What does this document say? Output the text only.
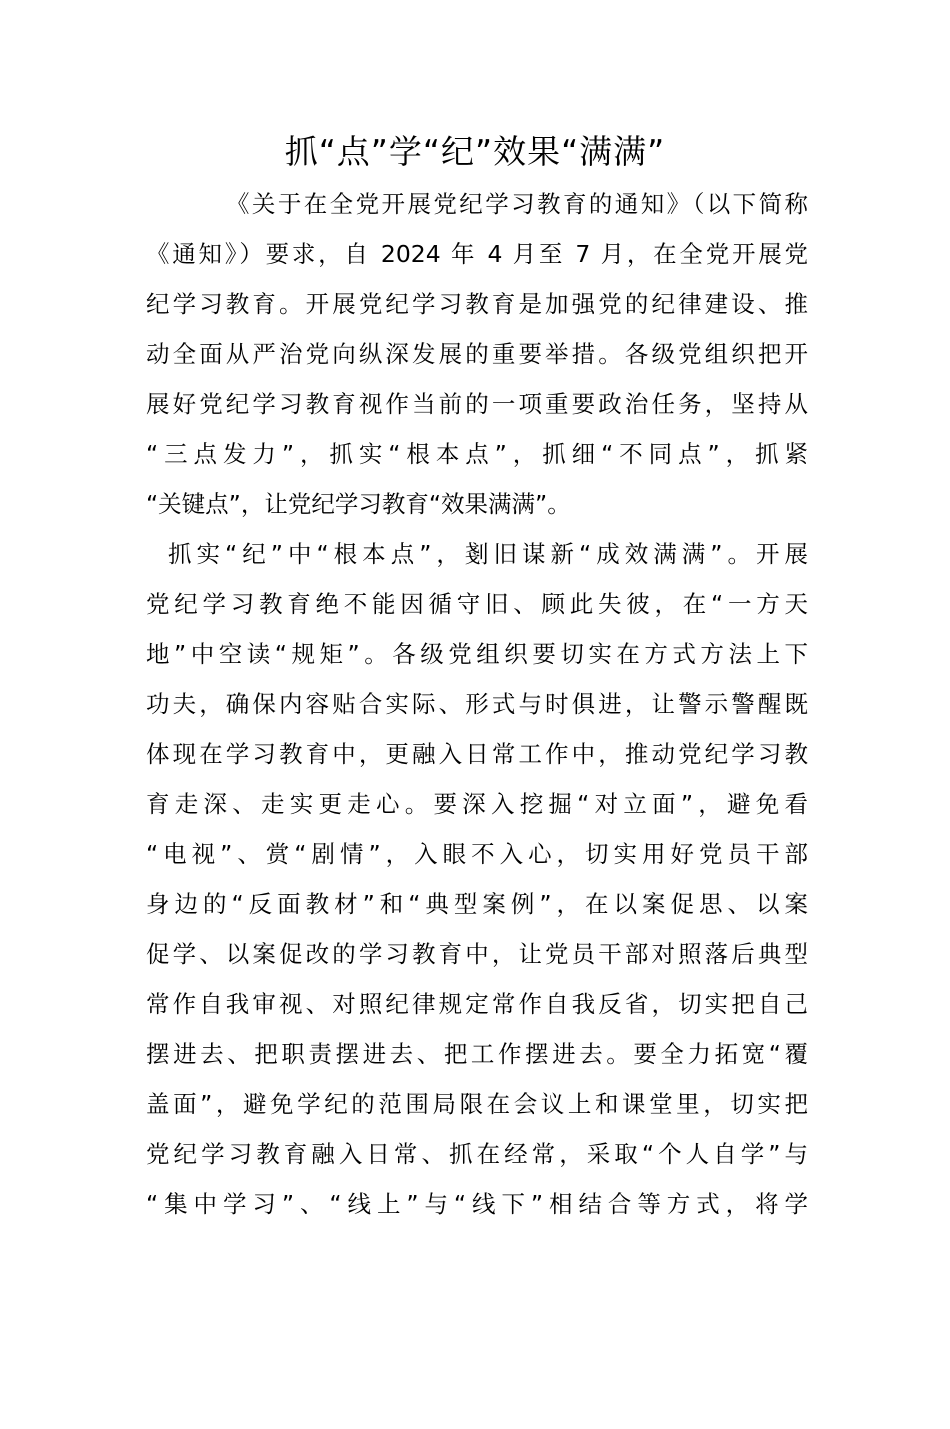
抓“点”学“纪”效果“满满”
《关于在全党开展党纪学习教育的通知》（以下简称
《通知》）要求，自 2024 年 4 月至 7 月，在全党开展党
纪学习教育。开展党纪学习教育是加强党的纪律建设、推
动全面从严治党向纵深发展的重要举措。各级党组织把开
展好党纪学习教育视作当前的一项重要政治任务，坚持从
“三点发力”，抓实“根本点”，抓细“不同点”，抓紧
“关键点”，让党纪学习教育“效果满满”。
抓实“纪”中“根本点”，剗旧谋新“成效满满”。开展
党纪学习教育绝不能因循守旧、顾此失彼，在“一方天
地”中空读“规矩”。各级党组织要切实在方式方法上下
功夫，确保内容贴合实际、形式与时俱进，让警示警醒既
体现在学习教育中，更融入日常工作中，推动党纪学习教
育走深、走实更走心。要深入挖掘“对立面”，避免看
“电视”、赏“剧情”，入眼不入心，切实用好党员干部
身边的“反面教材”和“典型案例”，在以案促思、以案
促学、以案促改的学习教育中，让党员干部对照落后典型
常作自我审视、对照纪律规定常作自我反省，切实把自己
摆进去、把职责摆进去、把工作摆进去。要全力拓宽“覆
盖面”，避免学纪的范围局限在会议上和课堂里，切实把
党纪学习教育融入日常、抓在经常，采取“个人自学”与
“集中学习”、“线上”与“线下”相结合等方式，将学
